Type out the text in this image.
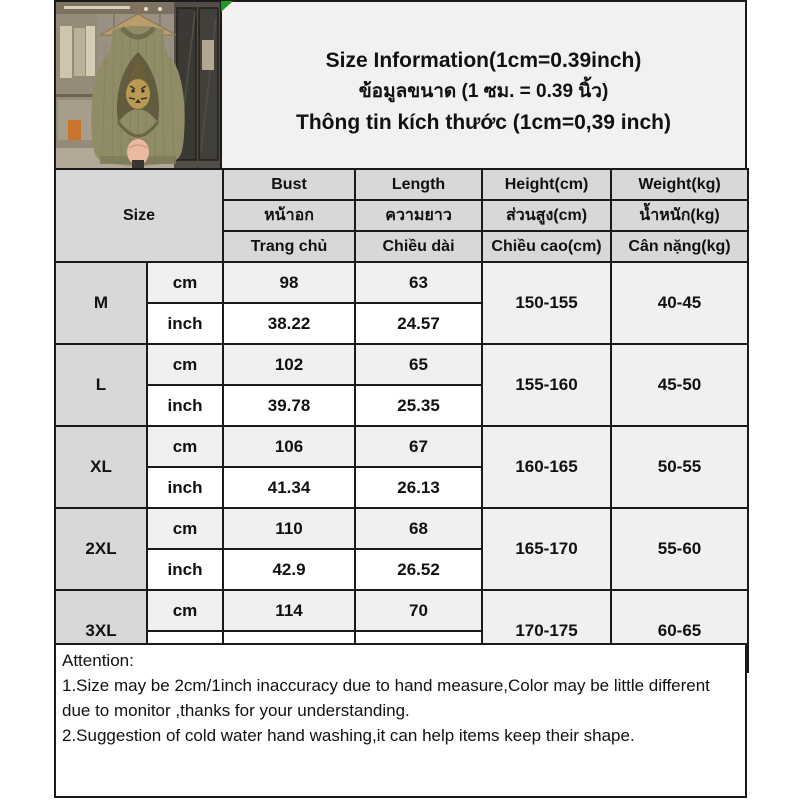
Size Information(1cm=0.39inch)
ข้อมูลขนาด (1 ซม. = 0.39 นิ้ว)
Thông tin kích thước (1cm=0,39 inch)
Size		Bust	Length	Height(cm)	Weight(kg)
		หน้าอก	ความยาว	ส่วนสูง(cm)	น้ำหนัก(kg)
		Trang chủ	Chiều dài	Chiều cao(cm)	Cân nặng(kg)
M	cm	98	63	150-155	40-45
	inch	38.22	24.57		
L	cm	102	65	155-160	45-50
	inch	39.78	25.35		
XL	cm	106	67	160-165	50-55
	inch	41.34	26.13		
2XL	cm	110	68	165-170	55-60
	inch	42.9	26.52		
3XL	cm	114	70	170-175	60-65

Attention:
1.Size may be 2cm/1inch inaccuracy due to hand measure,Color may be little different due to monitor ,thanks for your understanding.
2.Suggestion of cold water hand washing,it can help items keep their shape.
